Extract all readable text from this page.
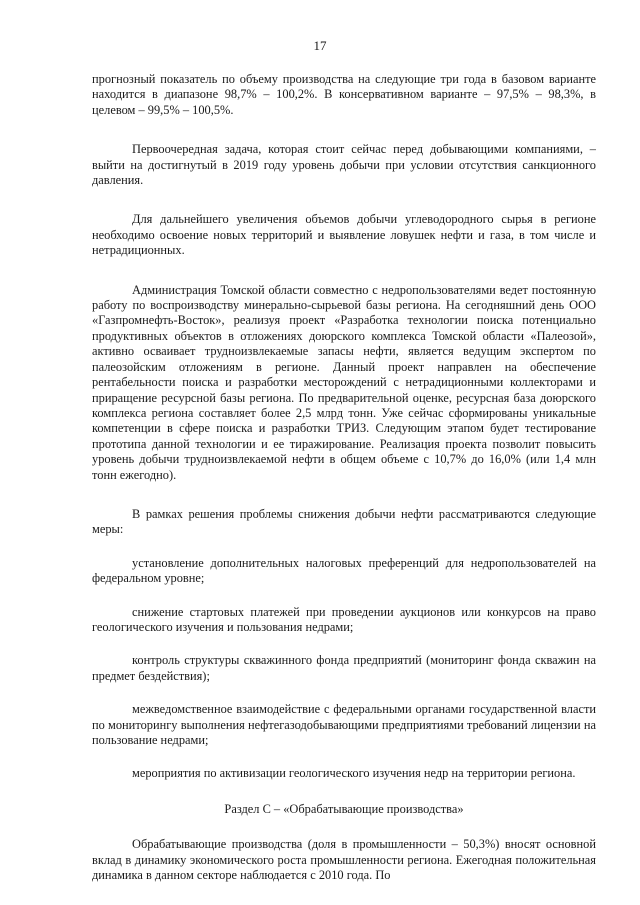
17

прогнозный показатель по объему производства на следующие три года в базовом варианте находится в диапазоне 98,7% – 100,2%. В консервативном варианте – 97,5% – 98,3%, в целевом – 99,5% – 100,5%.

Первоочередная задача, которая стоит сейчас перед добывающими компаниями, – выйти на достигнутый в 2019 году уровень добычи при условии отсутствия санкционного давления.

Для дальнейшего увеличения объемов добычи углеводородного сырья в регионе необходимо освоение новых территорий и выявление ловушек нефти и газа, в том числе и нетрадиционных.

Администрация Томской области совместно с недропользователями ведет постоянную работу по воспроизводству минерально-сырьевой базы региона. На сегодняшний день ООО «Газпромнефть-Восток», реализуя проект «Разработка технологии поиска потенциально продуктивных объектов в отложениях доюрского комплекса Томской области «Палеозой», активно осваивает трудноизвлекаемые запасы нефти, является ведущим экспертом по палеозойским отложениям в регионе. Данный проект направлен на обеспечение рентабельности поиска и разработки месторождений с нетрадиционными коллекторами и приращение ресурсной базы региона. По предварительной оценке, ресурсная база доюрского комплекса региона составляет более 2,5 млрд тонн. Уже сейчас сформированы уникальные компетенции в сфере поиска и разработки ТРИЗ. Следующим этапом будет тестирование прототипа данной технологии и ее тиражирование. Реализация проекта позволит повысить уровень добычи трудноизвлекаемой нефти в общем объеме с 10,7% до 16,0% (или 1,4 млн тонн ежегодно).

В рамках решения проблемы снижения добычи нефти рассматриваются следующие меры:

установление дополнительных налоговых преференций для недропользователей на федеральном уровне;

снижение стартовых платежей при проведении аукционов или конкурсов на право геологического изучения и пользования недрами;

контроль структуры скважинного фонда предприятий (мониторинг фонда скважин на предмет бездействия);

межведомственное взаимодействие с федеральными органами государственной власти по мониторингу выполнения нефтегазодобывающими предприятиями требований лицензии на пользование недрами;

мероприятия по активизации геологического изучения недр на территории региона.

Раздел С – «Обрабатывающие производства»

Обрабатывающие производства (доля в промышленности – 50,3%) вносят основной вклад в динамику экономического роста промышленности региона. Ежегодная положительная динамика в данном секторе наблюдается с 2010 года. По
